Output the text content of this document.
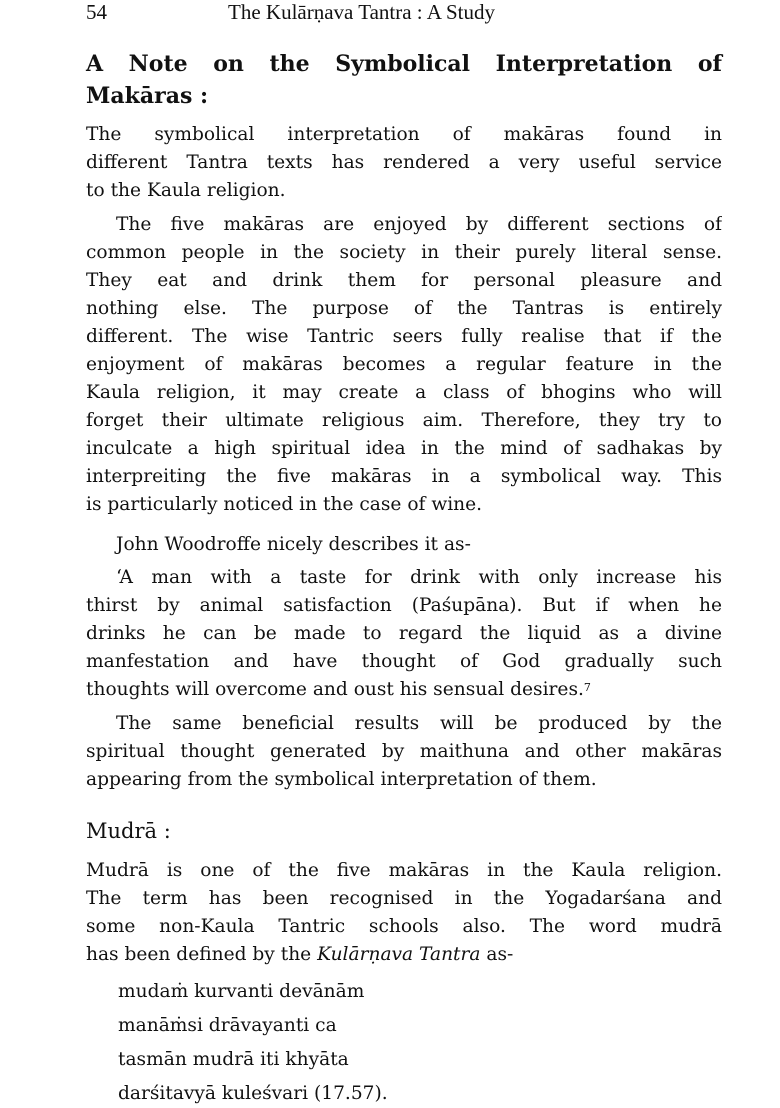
54	The Kulārṇava Tantra : A Study
A Note on the Symbolical Interpretation of
Makāras :
The symbolical interpretation of makāras found in
different Tantra texts has rendered a very useful service
to the Kaula religion.
The five makāras are enjoyed by different sections of
common people in the society in their purely literal sense.
They eat and drink them for personal pleasure and
nothing else. The purpose of the Tantras is entirely
different. The wise Tantric seers fully realise that if the
enjoyment of makāras becomes a regular feature in the
Kaula religion, it may create a class of bhogins who will
forget their ultimate religious aim. Therefore, they try to
inculcate a high spiritual idea in the mind of sadhakas by
interpreiting the five makāras in a symbolical way. This
is particularly noticed in the case of wine.
John Woodroffe nicely describes it as-
‘A man with a taste for drink with only increase his
thirst by animal satisfaction (Paśupāna). But if when he
drinks he can be made to regard the liquid as a divine
manfestation and have thought of God gradually such
thoughts will overcome and oust his sensual desires.$^7$
The same beneficial results will be produced by the
spiritual thought generated by maithuna and other makāras
appearing from the symbolical interpretation of them.
Mudrā :
Mudrā is one of the five makāras in the Kaula religion.
The term has been recognised in the Yogadarśana and
some non-Kaula Tantric schools also. The word mudrā
has been defined by the Kulārṇava Tantra as-
mudaṁ kurvanti devānām
manāṁsi drāvayanti ca
tasmān mudrā iti khyāta
darśitavyā kuleśvari (17.57).
